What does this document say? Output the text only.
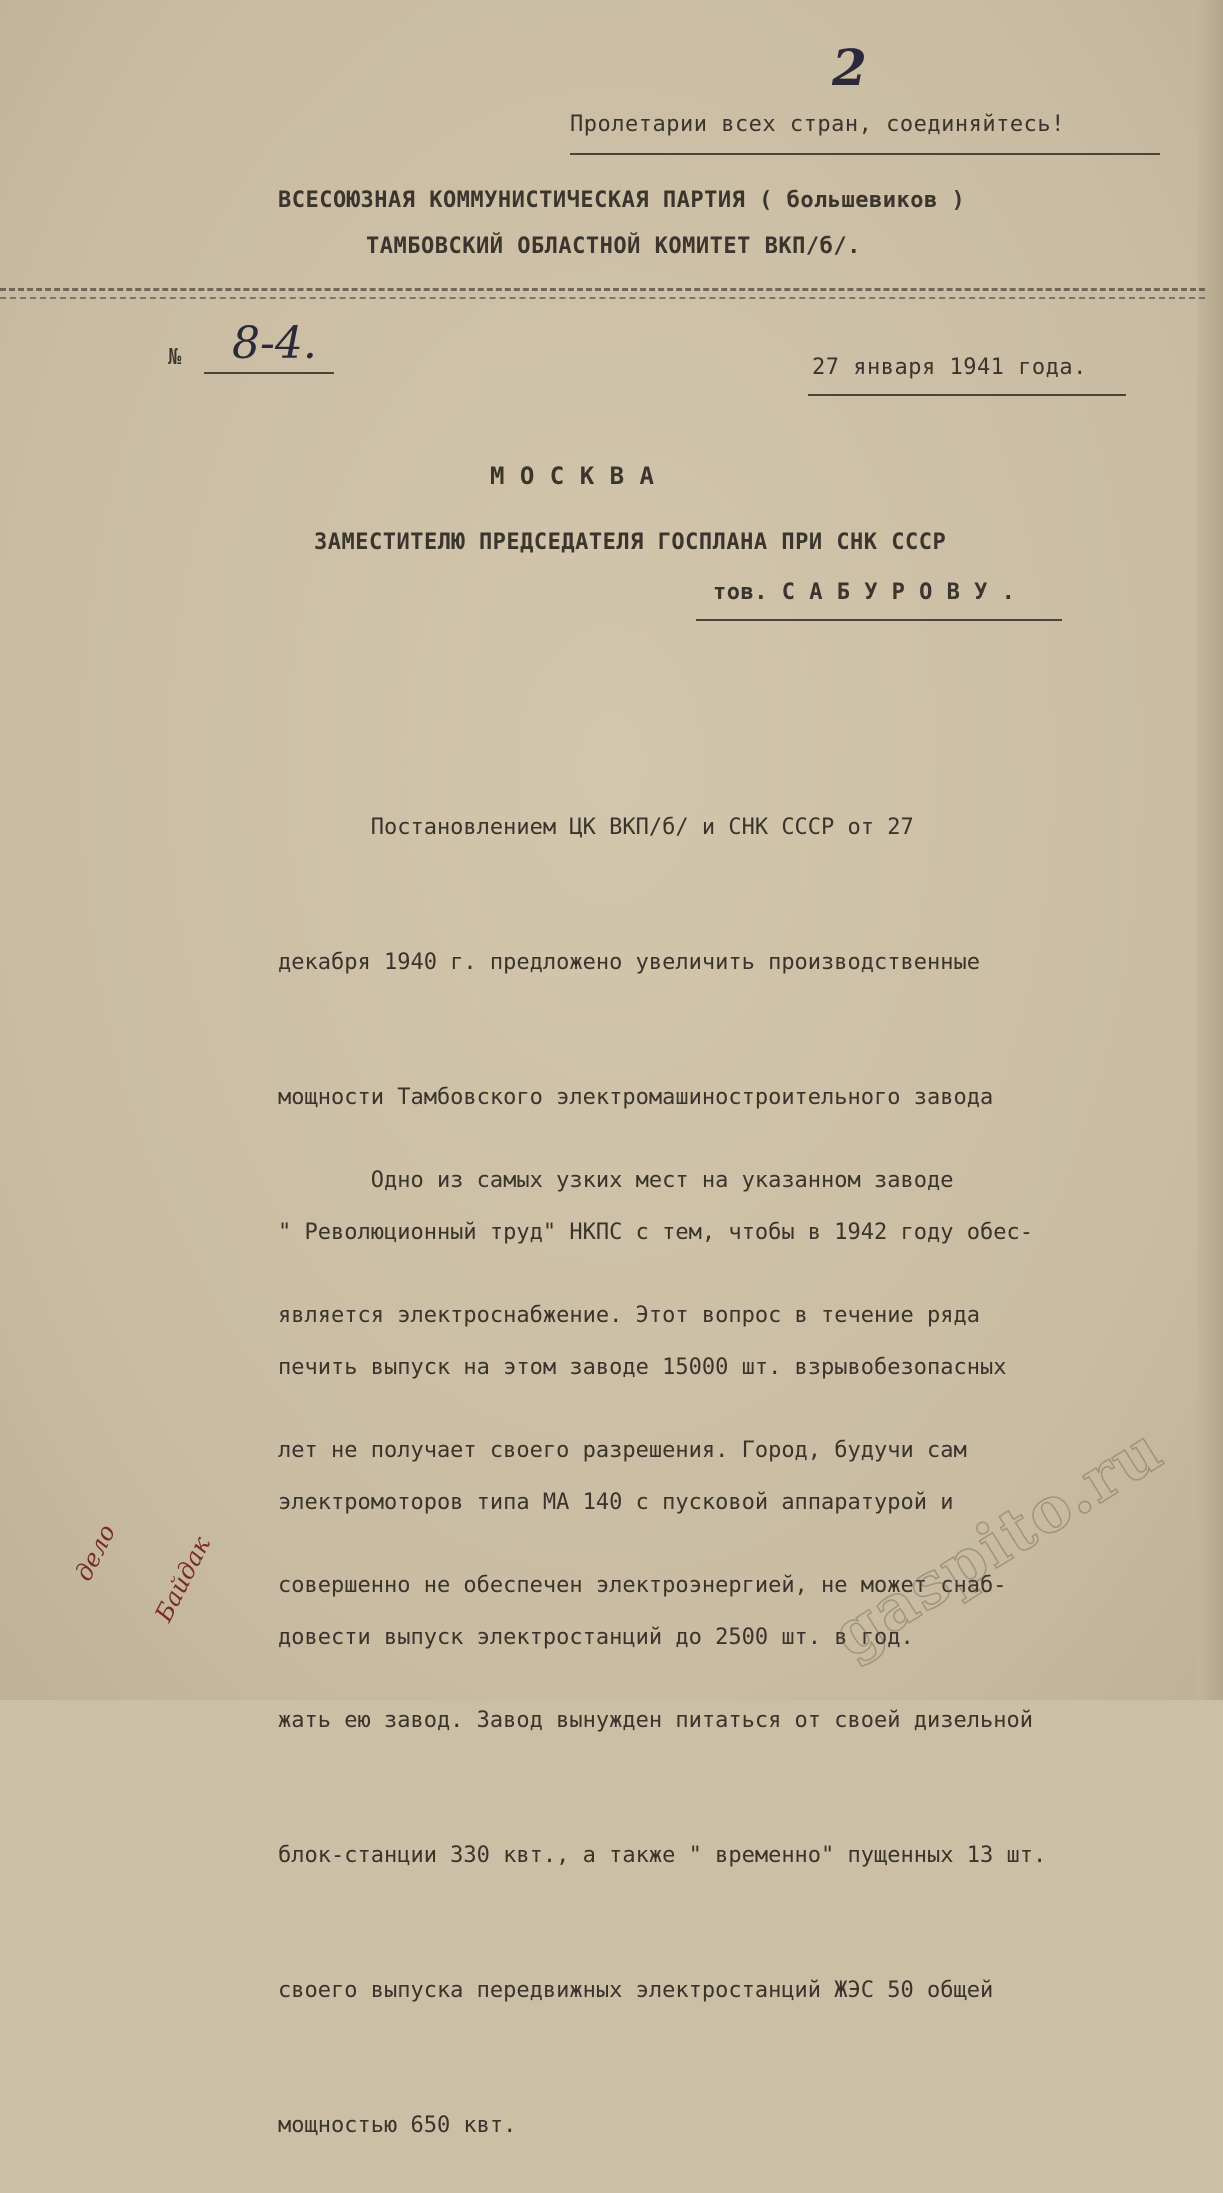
2
Пролетарии всех стран, соединяйтесь!
ВСЕСОЮЗНАЯ КОММУНИСТИЧЕСКАЯ ПАРТИЯ ( большевиков )
ТАМБОВСКИЙ ОБЛАСТНОЙ КОМИТЕТ ВКП/б/.
№ 8-4.	27 января 1941 года.
М О С К В А
ЗАМЕСТИТЕЛЮ ПРЕДСЕДАТЕЛЯ ГОСПЛАНА ПРИ СНК СССР
тов. С А Б У Р О В У .

Постановлением ЦК ВКП/б/ и СНК СССР от 27

декабря 1940 г. предложено увеличить производственные

мощности Тамбовского электромашиностроительного завода

" Революционный труд" НКПС с тем, чтобы в 1942 году обес-

печить выпуск на этом заводе 15000 шт. взрывобезопасных

электромоторов типа МА 140 с пусковой аппаратурой и

довести выпуск электростанций до 2500 шт. в год.

Одно из самых узких мест на указанном заводе

является электроснабжение. Этот вопрос в течение ряда

лет не получает своего разрешения. Город, будучи сам

совершенно не обеспечен электроэнергией, не может снаб-

жать ею завод. Завод вынужден питаться от своей дизельной

блок-станции 330 квт., а также " временно" пущенных 13 шт.

своего выпуска передвижных электростанций ЖЭС 50 общей

мощностью 650 квт.

дело

	Байдак	gaspito.ru
